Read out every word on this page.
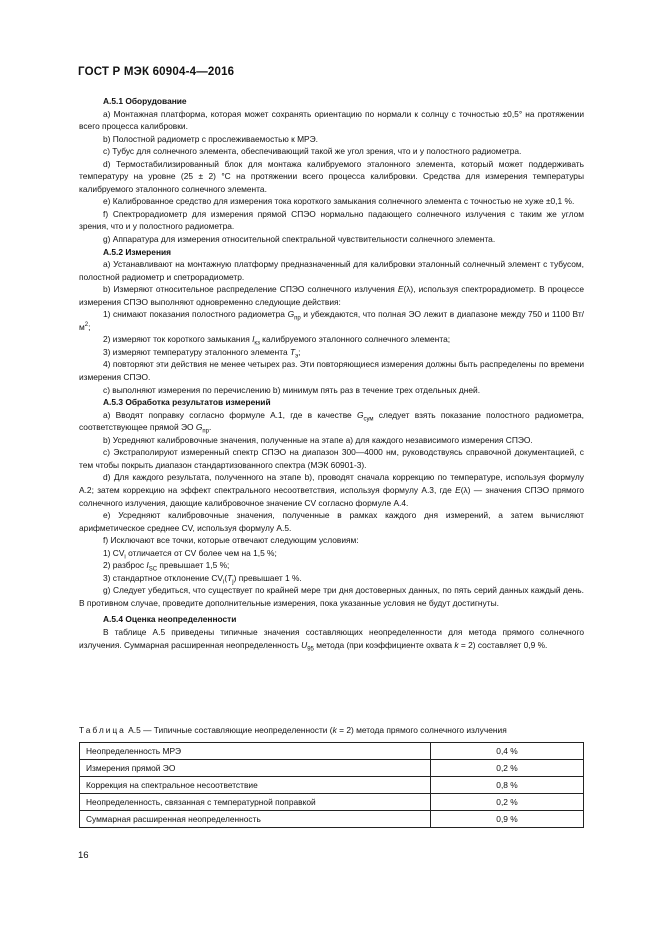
ГОСТ Р МЭК 60904-4—2016

А.5.1 Оборудование

а) Монтажная платформа, которая может сохранять ориентацию по нормали к солнцу с точностью ±0,5° на протяжении всего процесса калибровки.

b) Полостной радиометр с прослеживаемостью к МРЭ.

c) Тубус для солнечного элемента, обеспечивающий такой же угол зрения, что и у полостного радиометра.

d) Термостабилизированный блок для монтажа калибруемого эталонного элемента, который может поддерживать температуру на уровне (25 ± 2) °С на протяжении всего процесса калибровки. Средства для измерения температуры калибруемого эталонного солнечного элемента.

e) Калиброванное средство для измерения тока короткого замыкания солнечного элемента с точностью не хуже ±0,1 %.

f) Спектрорадиометр для измерения прямой СПЭО нормально падающего солнечного излучения с таким же углом зрения, что и у полостного радиометра.

g) Аппаратура для измерения относительной спектральной чувствительности солнечного элемента.

А.5.2 Измерения

a) Устанавливают на монтажную платформу предназначенный для калибровки эталонный солнечный элемент с тубусом, полостной радиометр и спетрорадиометр.

b) Измеряют относительное распределение СПЭО солнечного излучения E(λ), используя спектрорадиометр. В процессе измерения СПЭО выполняют одновременно следующие действия:

1) снимают показания полостного радиометра $G_{пр}$ и убеждаются, что полная ЭО лежит в диапазоне между 750 и 1100 $Вт/м^2$;

2) измеряют ток короткого замыкания $I_{кз}$ калибруемого эталонного солнечного элемента;

3) измеряют температуру эталонного элемента $T_э$;

4) повторяют эти действия не менее четырех раз. Эти повторяющиеся измерения должны быть распределены по времени измерения СПЭО.

c) выполняют измерения по перечислению b) минимум пять раз в течение трех отдельных дней.

А.5.3 Обработка результатов измерений

a) Вводят поправку согласно формуле А.1, где в качестве $G_{сум}$ следует взять показание полостного радиометра, соответствующее прямой ЭО $G_{пр}$.

b) Усредняют калибровочные значения, полученные на этапе а) для каждого независимого измерения СПЭО.

c) Экстраполируют измеренный спектр СПЭО на диапазон 300—4000 нм, руководствуясь справочной документацией, с тем чтобы покрыть диапазон стандартизованного спектра (МЭК 60901-3).

d) Для каждого результата, полученного на этапе b), проводят сначала коррекцию по температуре, используя формулу А.2; затем коррекцию на эффект спектрального несоответствия, используя формулу А.3, где E(λ) — значения СПЭО прямого солнечного излучения, дающие калибровочное значение CV согласно формуле А.4.

e) Усредняют калибровочные значения, полученные в рамках каждого дня измерений, а затем вычисляют арифметическое среднее CV, используя формулу А.5.

f) Исключают все точки, которые отвечают следующим условиям:

1) $CV_i$ отличается от CV более чем на 1,5 %;

2) разброс $I_{SC}$ превышает 1,5 %;

3) стандартное отклонение $CV_i(T_j)$ превышает 1 %.

g) Следует убедиться, что существует по крайней мере три дня достоверных данных, по пять серий данных каждый день. В противном случае, проведите дополнительные измерения, пока указанные условия не будут достигнуты.

А.5.4 Оценка неопределенности

В таблице А.5 приведены типичные значения составляющих неопределенности для метода прямого солнечного излучения. Суммарная расширенная неопределенность $U_{95}$ метода (при коэффициенте охвата k = 2) составляет 0,9 %.

Таблица А.5 — Типичные составляющие неопределенности (k = 2) метода прямого солнечного излучения
Неопределенность МРЭ	0,4 %
Измерения прямой ЭО	0,2 %
Коррекция на спектральное несоответствие	0,8 %
Неопределенность, связанная с температурной поправкой	0,2 %
Суммарная расширенная неопределенность	0,9 %
16
